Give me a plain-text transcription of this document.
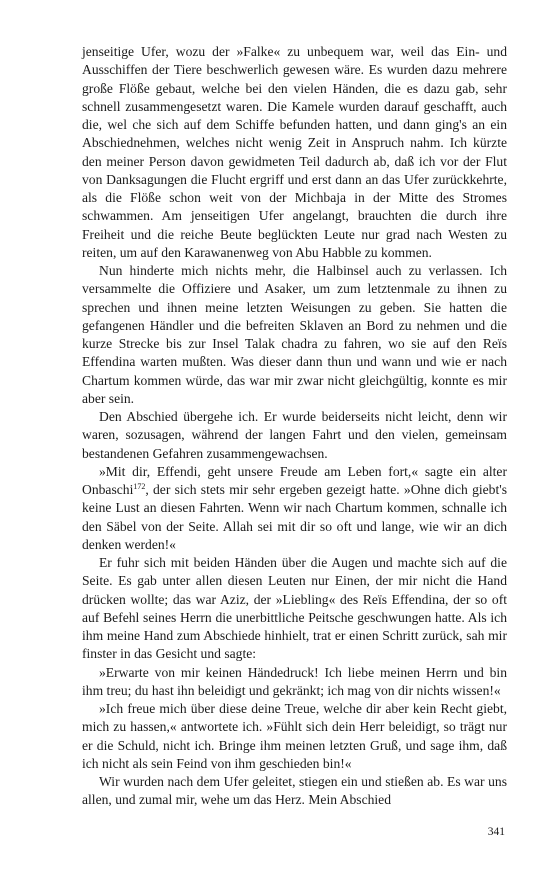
jenseitige Ufer, wozu der »Falke« zu unbequem war, weil das Ein- und Ausschiffen der Tiere beschwerlich gewesen wäre. Es wurden dazu mehrere große Flöße gebaut, welche bei den vielen Händen, die es dazu gab, sehr schnell zusammengesetzt waren. Die Kamele wurden darauf geschafft, auch die, wel che sich auf dem Schiffe befunden hatten, und dann ging's an ein Abschiednehmen, welches nicht wenig Zeit in Anspruch nahm. Ich kürzte den meiner Person davon gewidmeten Teil dadurch ab, daß ich vor der Flut von Danksagungen die Flucht ergriff und erst dann an das Ufer zurückkehrte, als die Flöße schon weit von der Michbaja in der Mitte des Stromes schwammen. Am jenseitigen Ufer angelangt, brauchten die durch ihre Freiheit und die reiche Beute beglückten Leute nur grad nach Westen zu reiten, um auf den Karawanenweg von Abu Habble zu kommen.

Nun hinderte mich nichts mehr, die Halbinsel auch zu verlassen. Ich versammelte die Offiziere und Asaker, um zum letztenmale zu ihnen zu sprechen und ihnen meine letzten Weisungen zu geben. Sie hatten die gefangenen Händler und die befreiten Sklaven an Bord zu nehmen und die kurze Strecke bis zur Insel Talak chadra zu fahren, wo sie auf den Reïs Effendina warten mußten. Was dieser dann thun und wann und wie er nach Chartum kommen würde, das war mir zwar nicht gleichgültig, konnte es mir aber sein.

Den Abschied übergehe ich. Er wurde beiderseits nicht leicht, denn wir waren, sozusagen, während der langen Fahrt und den vielen, gemeinsam bestandenen Gefahren zusammengewachsen.

»Mit dir, Effendi, geht unsere Freude am Leben fort,« sagte ein alter Onbaschi$^{172}$, der sich stets mir sehr ergeben gezeigt hatte. »Ohne dich giebt's keine Lust an diesen Fahrten. Wenn wir nach Chartum kommen, schnalle ich den Säbel von der Seite. Allah sei mit dir so oft und lange, wie wir an dich denken werden!«

Er fuhr sich mit beiden Händen über die Augen und machte sich auf die Seite. Es gab unter allen diesen Leuten nur Einen, der mir nicht die Hand drücken wollte; das war Aziz, der »Liebling« des Reïs Effendina, der so oft auf Befehl seines Herrn die unerbittliche Peitsche geschwungen hatte. Als ich ihm meine Hand zum Abschiede hinhielt, trat er einen Schritt zurück, sah mir finster in das Gesicht und sagte:

»Erwarte von mir keinen Händedruck! Ich liebe meinen Herrn und bin ihm treu; du hast ihn beleidigt und gekränkt; ich mag von dir nichts wissen!«

»Ich freue mich über diese deine Treue, welche dir aber kein Recht giebt, mich zu hassen,« antwortete ich. »Fühlt sich dein Herr beleidigt, so trägt nur er die Schuld, nicht ich. Bringe ihm meinen letzten Gruß, und sage ihm, daß ich nicht als sein Feind von ihm geschieden bin!«

Wir wurden nach dem Ufer geleitet, stiegen ein und stießen ab. Es war uns allen, und zumal mir, wehe um das Herz. Mein Abschied

341
